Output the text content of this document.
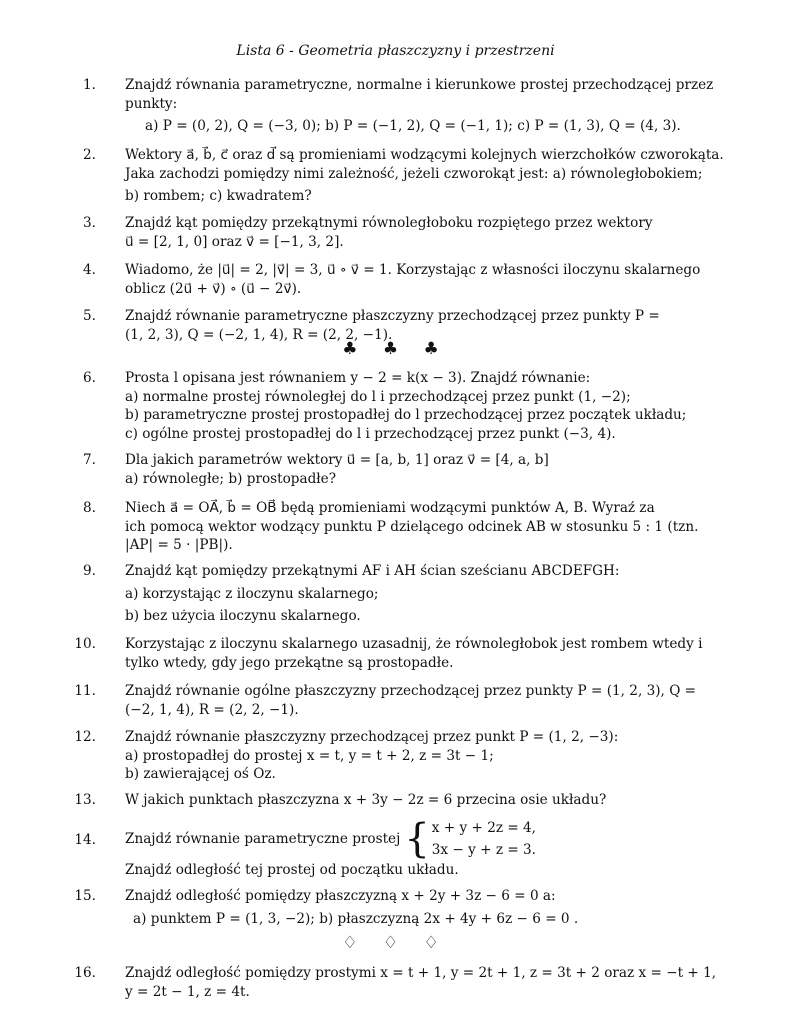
Lista 6 - Geometria płaszczyzny i przestrzeni
1. Znajdź równania parametryczne, normalne i kierunkowe prostej przechodzącej przez
punkty:
a) P = (0, 2), Q = (−3, 0); b) P = (−1, 2), Q = (−1, 1); c) P = (1, 3), Q = (4, 3).
2. Wektory a⃗, b⃗, c⃗ oraz d⃗ są promieniami wodzącymi kolejnych wierzchołków czworokąta.
Jaka zachodzi pomiędzy nimi zależność, jeżeli czworokąt jest: a) równoległobokiem;
b) rombem; c) kwadratem?
3. Znajdź kąt pomiędzy przekątnymi równoległoboku rozpiętego przez wektory
u⃗ = [2, 1, 0] oraz v⃗ = [−1, 3, 2].
4. Wiadomo, że |u⃗| = 2, |v⃗| = 3, u⃗ ∘ v⃗ = 1. Korzystając z własności iloczynu skalarnego
oblicz (2u⃗ + v⃗) ∘ (u⃗ − 2v⃗).
5. Znajdź równanie parametryczne płaszczyzny przechodzącej przez punkty P =
(1, 2, 3), Q = (−2, 1, 4), R = (2, 2, −1).
♣ ♣ ♣
6. Prosta l opisana jest równaniem y − 2 = k(x − 3). Znajdź równanie:
a) normalne prostej równoległej do l i przechodzącej przez punkt (1, −2);
b) parametryczne prostej prostopadłej do l przechodzącej przez początek układu;
c) ogólne prostej prostopadłej do l i przechodzącej przez punkt (−3, 4).
7. Dla jakich parametrów wektory u⃗ = [a, b, 1] oraz v⃗ = [4, a, b]
a) równoległe; b) prostopadłe?
8. Niech a⃗ = OA⃗, b⃗ = OB⃗ będą promieniami wodzącymi punktów A, B. Wyraź za
ich pomocą wektor wodzący punktu P dzielącego odcinek AB w stosunku 5 : 1 (tzn.
|AP| = 5 · |PB|).
9. Znajdź kąt pomiędzy przekątnymi AF i AH ścian sześcianu ABCDEFGH:
a) korzystając z iloczynu skalarnego;
b) bez użycia iloczynu skalarnego.
10. Korzystając z iloczynu skalarnego uzasadnij, że równoległobok jest rombem wtedy i
tylko wtedy, gdy jego przekątne są prostopadłe.
11. Znajdź równanie ogólne płaszczyzny przechodzącej przez punkty P = (1, 2, 3), Q =
(−2, 1, 4), R = (2, 2, −1).
12. Znajdź równanie płaszczyzny przechodzącej przez punkt P = (1, 2, −3):
a) prostopadłej do prostej x = t, y = t + 2, z = 3t − 1;
b) zawierającej oś Oz.
13. W jakich punktach płaszczyzna x + 3y − 2z = 6 przecina osie układu?
14. Znajdź równanie parametryczne prostej { x + y + 2z = 4,
3x − y + z = 3.
Znajdź odległość tej prostej od początku układu.
15. Znajdź odległość pomiędzy płaszczyzną x + 2y + 3z − 6 = 0 a:
a) punktem P = (1, 3, −2); b) płaszczyzną 2x + 4y + 6z − 6 = 0 .
♢ ♢ ♢
16. Znajdź odległość pomiędzy prostymi x = t + 1, y = 2t + 1, z = 3t + 2 oraz x = −t + 1,
y = 2t − 1, z = 4t.
